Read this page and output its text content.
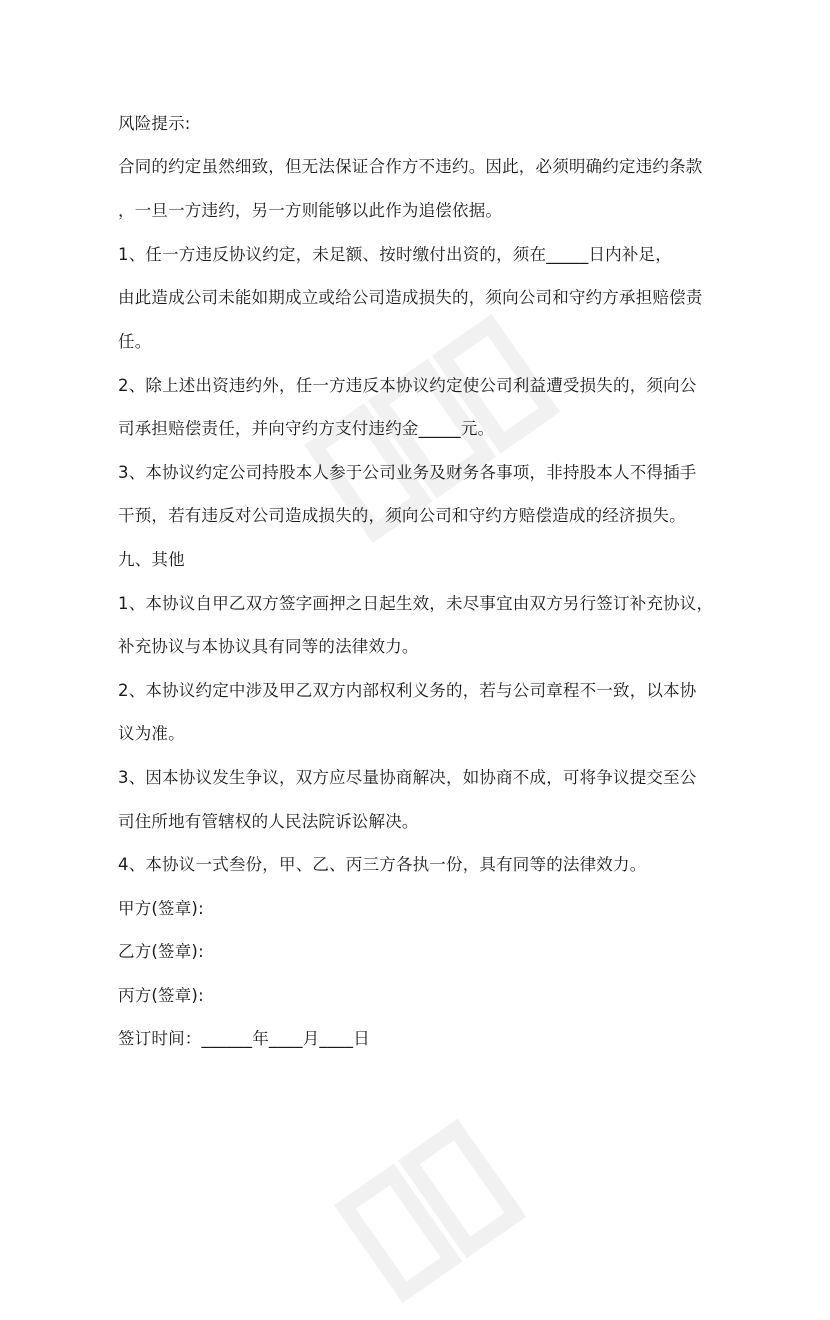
风险提示:
合同的约定虽然细致，但无法保证合作方不违约。因此，必须明确约定违约条款
，一旦一方违约，另一方则能够以此作为追偿依据。
1、任一方违反协议约定，未足额、按时缴付出资的，须在_____日内补足，
由此造成公司未能如期成立或给公司造成损失的，须向公司和守约方承担赔偿责
任。
2、除上述出资违约外，任一方违反本协议约定使公司利益遭受损失的，须向公
司承担赔偿责任，并向守约方支付违约金_____元。
3、本协议约定公司持股本人参于公司业务及财务各事项，非持股本人不得插手
干预，若有违反对公司造成损失的，须向公司和守约方赔偿造成的经济损失。
九、其他
1、本协议自甲乙双方签字画押之日起生效，未尽事宜由双方另行签订补充协议，
补充协议与本协议具有同等的法律效力。
2、本协议约定中涉及甲乙双方内部权利义务的，若与公司章程不一致，以本协
议为准。
3、因本协议发生争议，双方应尽量协商解决，如协商不成，可将争议提交至公
司住所地有管辖权的人民法院诉讼解决。
4、本协议一式叁份，甲、乙、丙三方各执一份，具有同等的法律效力。
甲方(签章):
乙方(签章):
丙方(签章):
签订时间：______年____月____日
